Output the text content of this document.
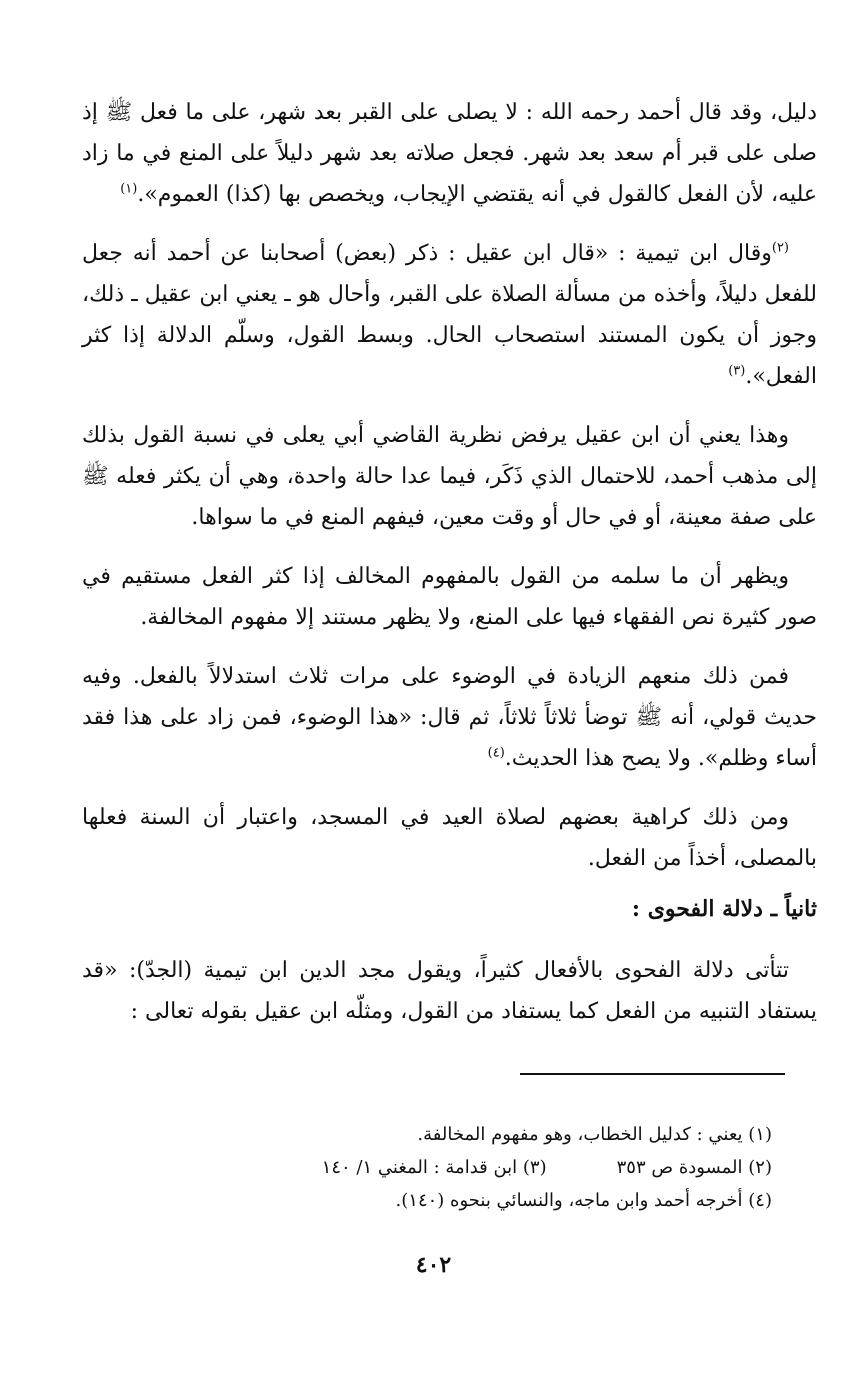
دليل، وقد قال أحمد رحمه الله : لا يصلى على القبر بعد شهر، على ما فعل ﷺ إذ صلى على قبر أم سعد بعد شهر. فجعل صلاته بعد شهر دليلاً على المنع في ما زاد عليه، لأن الفعل كالقول في أنه يقتضي الإيجاب، ويخصص بها (كذا) العموم».$^{(١)}$

$^{(٢)}$وقال ابن تيمية : «قال ابن عقيل : ذكر (بعض) أصحابنا عن أحمد أنه جعل للفعل دليلاً، وأخذه من مسألة الصلاة على القبر، وأحال هو ـ يعني ابن عقيل ـ ذلك، وجوز أن يكون المستند استصحاب الحال. وبسط القول، وسلّم الدلالة إذا كثر الفعل».$^{(٣)}$

وهذا يعني أن ابن عقيل يرفض نظرية القاضي أبي يعلى في نسبة القول بذلك إلى مذهب أحمد، للاحتمال الذي ذَكَر، فيما عدا حالة واحدة، وهي أن يكثر فعله ﷺ على صفة معينة، أو في حال أو وقت معين، فيفهم المنع في ما سواها.

ويظهر أن ما سلمه من القول بالمفهوم المخالف إذا كثر الفعل مستقيم في صور كثيرة نص الفقهاء فيها على المنع، ولا يظهر مستند إلا مفهوم المخالفة.

فمن ذلك منعهم الزيادة في الوضوء على مرات ثلاث استدلالاً بالفعل. وفيه حديث قولي، أنه ﷺ توضأ ثلاثاً ثلاثاً، ثم قال: «هذا الوضوء، فمن زاد على هذا فقد أساء وظلم». ولا يصح هذا الحديث.$^{(٤)}$

ومن ذلك كراهية بعضهم لصلاة العيد في المسجد، واعتبار أن السنة فعلها بالمصلى، أخذاً من الفعل.

ثانياً ـ دلالة الفحوى :

تتأتى دلالة الفحوى بالأفعال كثيراً، ويقول مجد الدين ابن تيمية (الجدّ): «قد يستفاد التنبيه من الفعل كما يستفاد من القول، ومثلّه ابن عقيل بقوله تعالى :

(١) يعني : كدليل الخطاب، وهو مفهوم المخالفة.
(٢) المسودة ص ٣٥٣(٣) ابن قدامة : المغني ١/ ١٤٠
(٤) أخرجه أحمد وابن ماجه، والنسائي بنحوه (١٤٠).
٤٠٢
